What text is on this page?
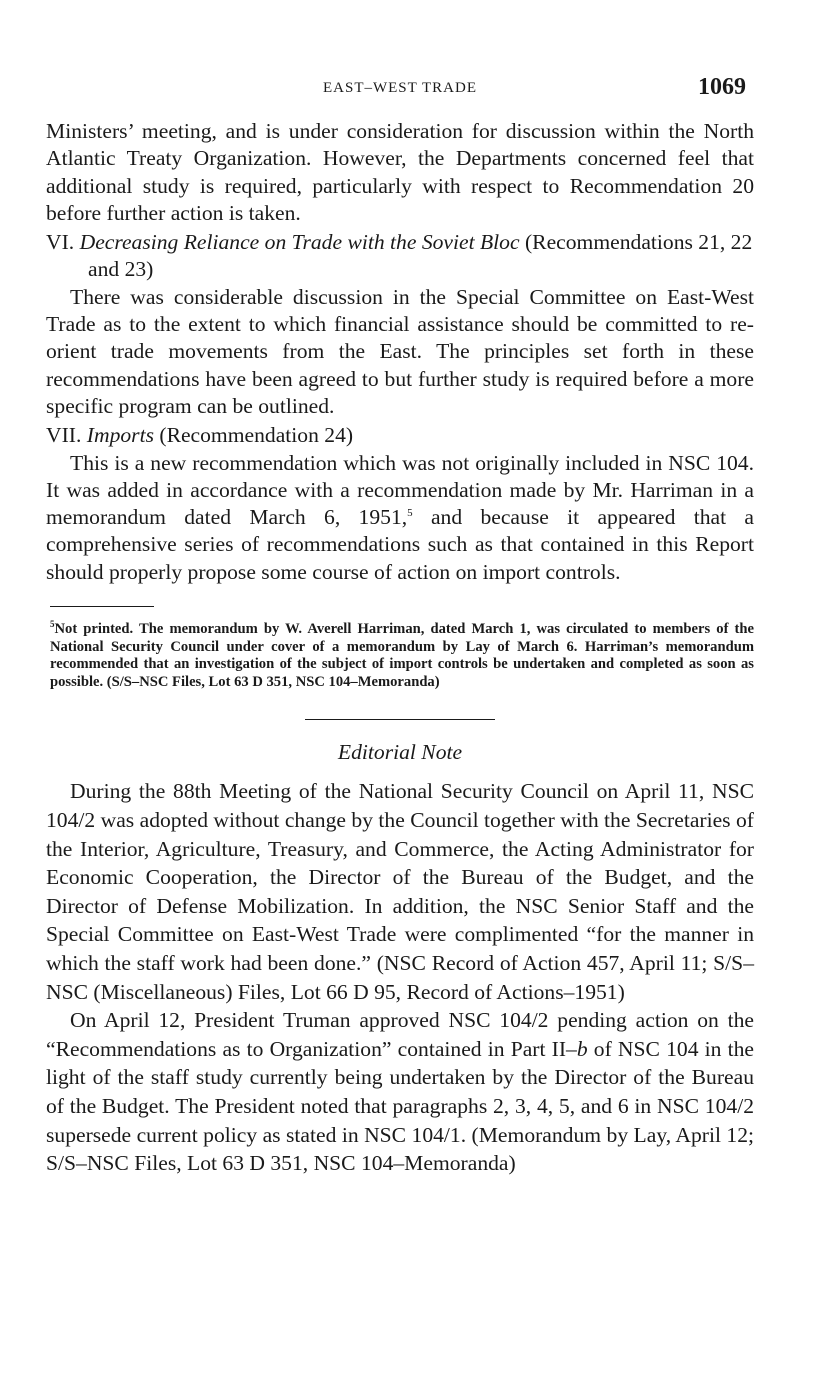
EAST–WEST TRADE	1069

Ministers’ meeting, and is under consideration for discussion within the North Atlantic Treaty Organization. However, the Departments concerned feel that additional study is required, particularly with respect to Recommendation 20 before further action is taken.

VI. Decreasing Reliance on Trade with the Soviet Bloc (Recommendations 21, 22 and 23)

There was considerable discussion in the Special Committee on East-West Trade as to the extent to which financial assistance should be committed to re-orient trade movements from the East. The principles set forth in these recommendations have been agreed to but further study is required before a more specific program can be outlined.

VII. Imports (Recommendation 24)

This is a new recommendation which was not originally included in NSC 104. It was added in accordance with a recommendation made by Mr. Harriman in a memorandum dated March 6, 1951,$^5$ and because it appeared that a comprehensive series of recommendations such as that contained in this Report should properly propose some course of action on import controls.

$^5$Not printed. The memorandum by W. Averell Harriman, dated March 1, was circulated to members of the National Security Council under cover of a memorandum by Lay of March 6. Harriman’s memorandum recommended that an investigation of the subject of import controls be undertaken and completed as soon as possible. (S/S–NSC Files, Lot 63 D 351, NSC 104–Memoranda)
Editorial Note

During the 88th Meeting of the National Security Council on April 11, NSC 104/2 was adopted without change by the Council together with the Secretaries of the Interior, Agriculture, Treasury, and Commerce, the Acting Administrator for Economic Cooperation, the Director of the Bureau of the Budget, and the Director of Defense Mobilization. In addition, the NSC Senior Staff and the Special Committee on East-West Trade were complimented “for the manner in which the staff work had been done.” (NSC Record of Action 457, April 11; S/S–NSC (Miscellaneous) Files, Lot 66 D 95, Record of Actions–1951)

On April 12, President Truman approved NSC 104/2 pending action on the “Recommendations as to Organization” contained in Part II–b of NSC 104 in the light of the staff study currently being undertaken by the Director of the Bureau of the Budget. The President noted that paragraphs 2, 3, 4, 5, and 6 in NSC 104/2 supersede current policy as stated in NSC 104/1. (Memorandum by Lay, April 12; S/S–NSC Files, Lot 63 D 351, NSC 104–Memoranda)
